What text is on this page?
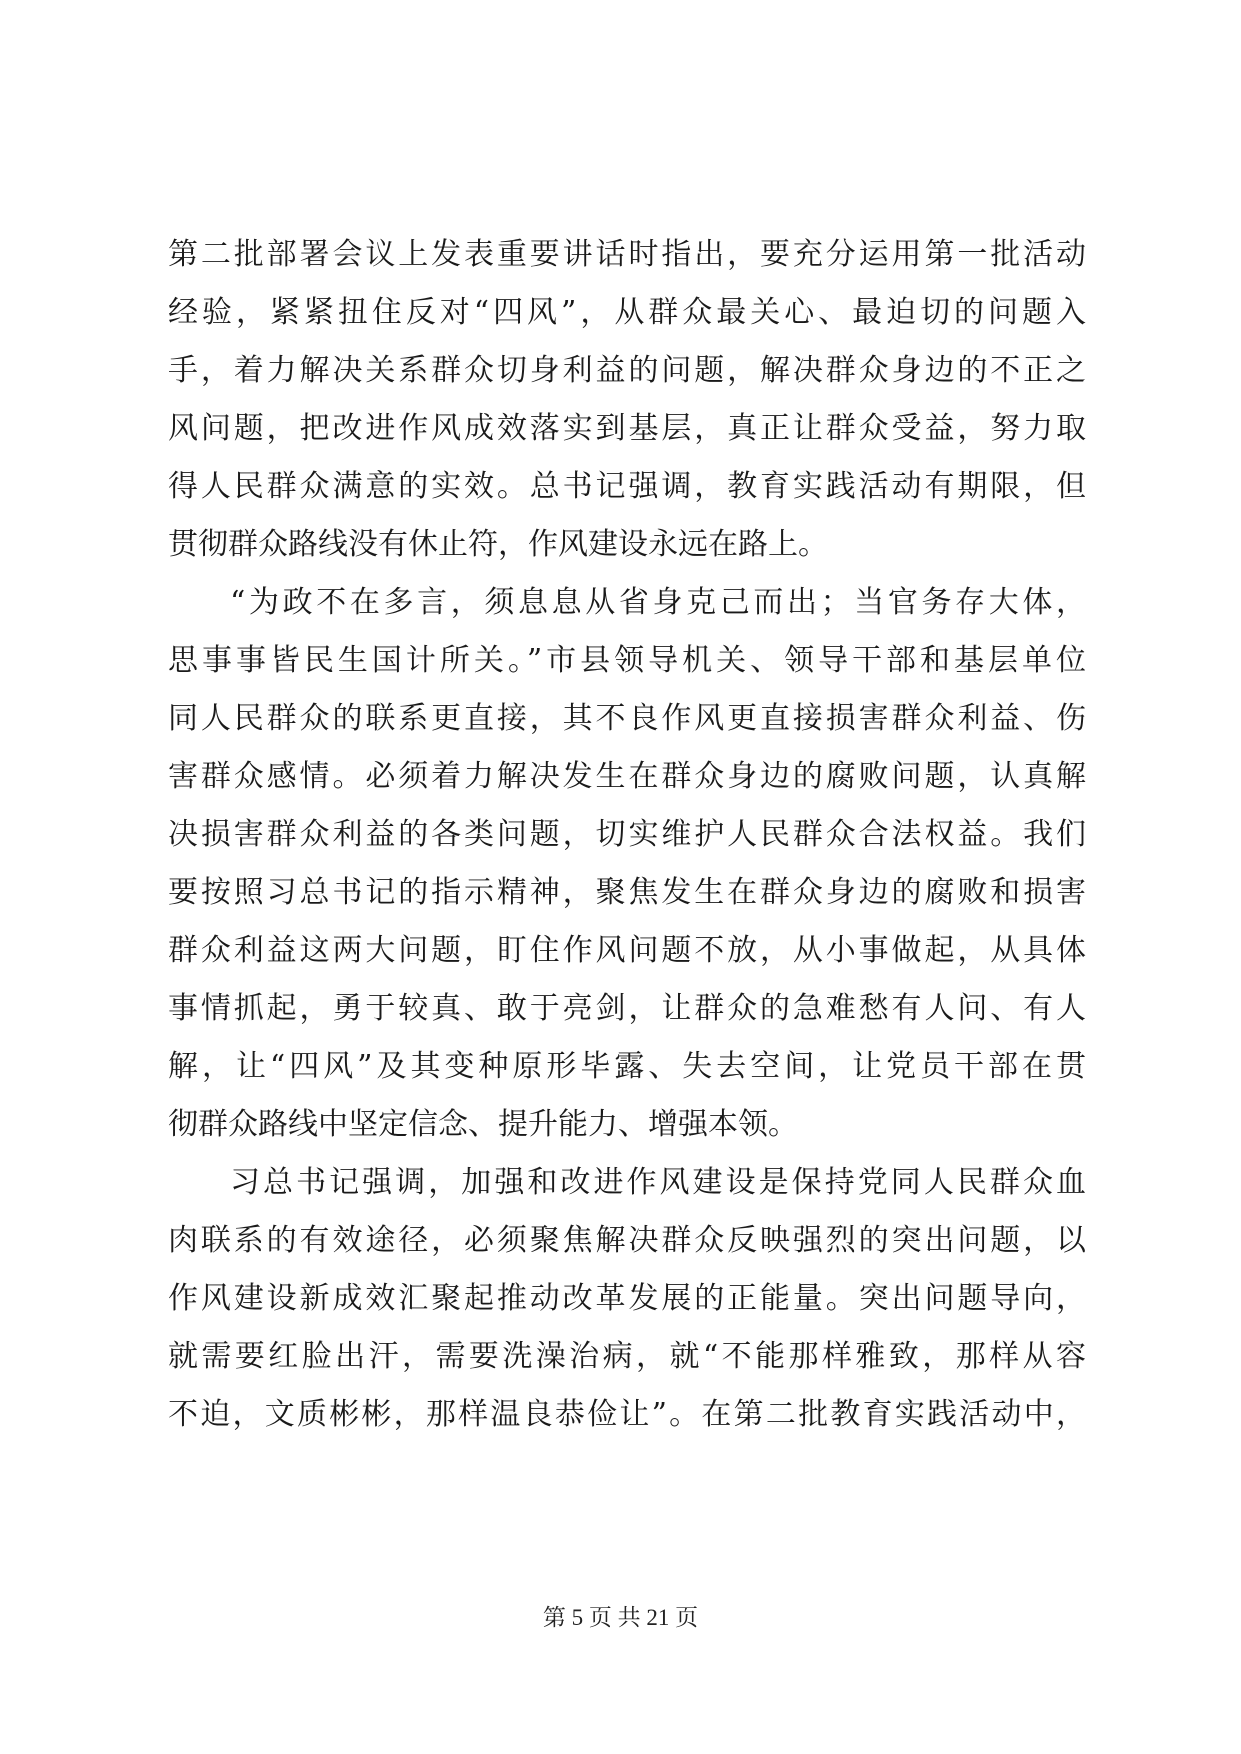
第二批部署会议上发表重要讲话时指出，要充分运用第一批活动
经验，紧紧扭住反对“四风”，从群众最关心、最迫切的问题入
手，着力解决关系群众切身利益的问题，解决群众身边的不正之
风问题，把改进作风成效落实到基层，真正让群众受益，努力取
得人民群众满意的实效。总书记强调，教育实践活动有期限，但
贯彻群众路线没有休止符，作风建设永远在路上。
“为政不在多言，须息息从省身克己而出；当官务存大体，
思事事皆民生国计所关。”市县领导机关、领导干部和基层单位
同人民群众的联系更直接，其不良作风更直接损害群众利益、伤
害群众感情。必须着力解决发生在群众身边的腐败问题，认真解
决损害群众利益的各类问题，切实维护人民群众合法权益。我们
要按照习总书记的指示精神，聚焦发生在群众身边的腐败和损害
群众利益这两大问题，盯住作风问题不放，从小事做起，从具体
事情抓起，勇于较真、敢于亮剑，让群众的急难愁有人问、有人
解，让“四风”及其变种原形毕露、失去空间，让党员干部在贯
彻群众路线中坚定信念、提升能力、增强本领。
习总书记强调，加强和改进作风建设是保持党同人民群众血
肉联系的有效途径，必须聚焦解决群众反映强烈的突出问题，以
作风建设新成效汇聚起推动改革发展的正能量。突出问题导向，
就需要红脸出汗，需要洗澡治病，就“不能那样雅致，那样从容
不迫，文质彬彬，那样温良恭俭让”。在第二批教育实践活动中，
第 5 页 共 21 页
